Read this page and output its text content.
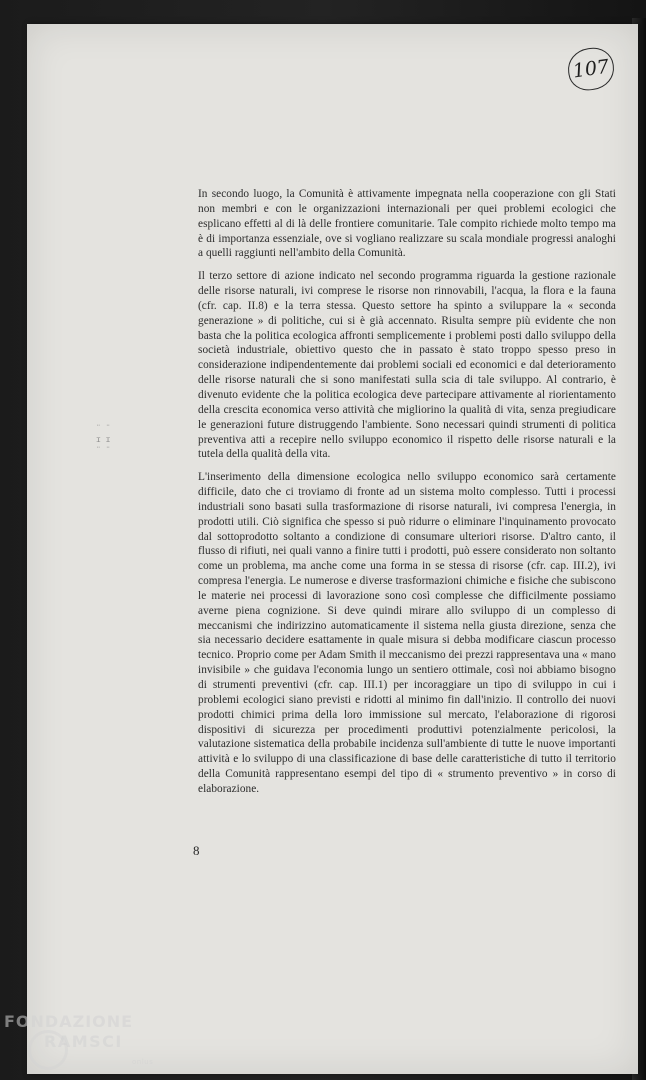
107
¨ ¨
ɪ ɪ
¨ ¨

In secondo luogo, la Comunità è attivamente impegnata nella cooperazione con gli Stati non membri e con le organizzazioni internazionali per quei problemi ecologici che esplicano effetti al di là delle frontiere comunitarie. Tale compito richiede molto tempo ma è di importanza essenziale, ove si vogliano realizzare su scala mondiale progressi analoghi a quelli raggiunti nell'ambito della Comunità.

Il terzo settore di azione indicato nel secondo programma riguarda la gestione razionale delle risorse naturali, ivi comprese le risorse non rinnovabili, l'acqua, la flora e la fauna (cfr. cap. II.8) e la terra stessa. Questo settore ha spinto a sviluppare la « seconda generazione » di politiche, cui si è già accennato. Risulta sempre più evidente che non basta che la politica ecologica affronti semplicemente i problemi posti dallo sviluppo della società industriale, obiettivo questo che in passato è stato troppo spesso preso in considerazione indipendentemente dai problemi sociali ed economici e dal deterioramento delle risorse naturali che si sono manifestati sulla scia di tale sviluppo. Al contrario, è divenuto evidente che la politica ecologica deve partecipare attivamente al riorientamento della crescita economica verso attività che migliorino la qualità di vita, senza pregiudicare le generazioni future distruggendo l'ambiente. Sono necessari quindi strumenti di politica preventiva atti a recepire nello sviluppo economico il rispetto delle risorse naturali e la tutela della qualità della vita.

L'inserimento della dimensione ecologica nello sviluppo economico sarà certamente difficile, dato che ci troviamo di fronte ad un sistema molto complesso. Tutti i processi industriali sono basati sulla trasformazione di risorse naturali, ivi compresa l'energia, in prodotti utili. Ciò significa che spesso si può ridurre o eliminare l'inquinamento provocato dal sottoprodotto soltanto a condizione di consumare ulteriori risorse. D'altro canto, il flusso di rifiuti, nei quali vanno a finire tutti i prodotti, può essere considerato non soltanto come un problema, ma anche come una forma in se stessa di risorse (cfr. cap. III.2), ivi compresa l'energia. Le numerose e diverse trasformazioni chimiche e fisiche che subiscono le materie nei processi di lavorazione sono così complesse che difficilmente possiamo averne piena cognizione. Si deve quindi mirare allo sviluppo di un complesso di meccanismi che indirizzino automaticamente il sistema nella giusta direzione, senza che sia necessario decidere esattamente in quale misura si debba modificare ciascun processo tecnico. Proprio come per Adam Smith il meccanismo dei prezzi rappresentava una « mano invisibile » che guidava l'economia lungo un sentiero ottimale, così noi abbiamo bisogno di strumenti preventivi (cfr. cap. III.1) per incoraggiare un tipo di sviluppo in cui i problemi ecologici siano previsti e ridotti al minimo fin dall'inizio. Il controllo dei nuovi prodotti chimici prima della loro immissione sul mercato, l'elaborazione di rigorosi dispositivi di sicurezza per procedimenti produttivi potenzialmente pericolosi, la valutazione sistematica della probabile incidenza sull'ambiente di tutte le nuove importanti attività e lo sviluppo di una classificazione di base delle caratteristiche di tutto il territorio della Comunità rappresentano esempi del tipo di « strumento preventivo » in corso di elaborazione.

8
FONDAZIONE
RAMSCI
onlus
